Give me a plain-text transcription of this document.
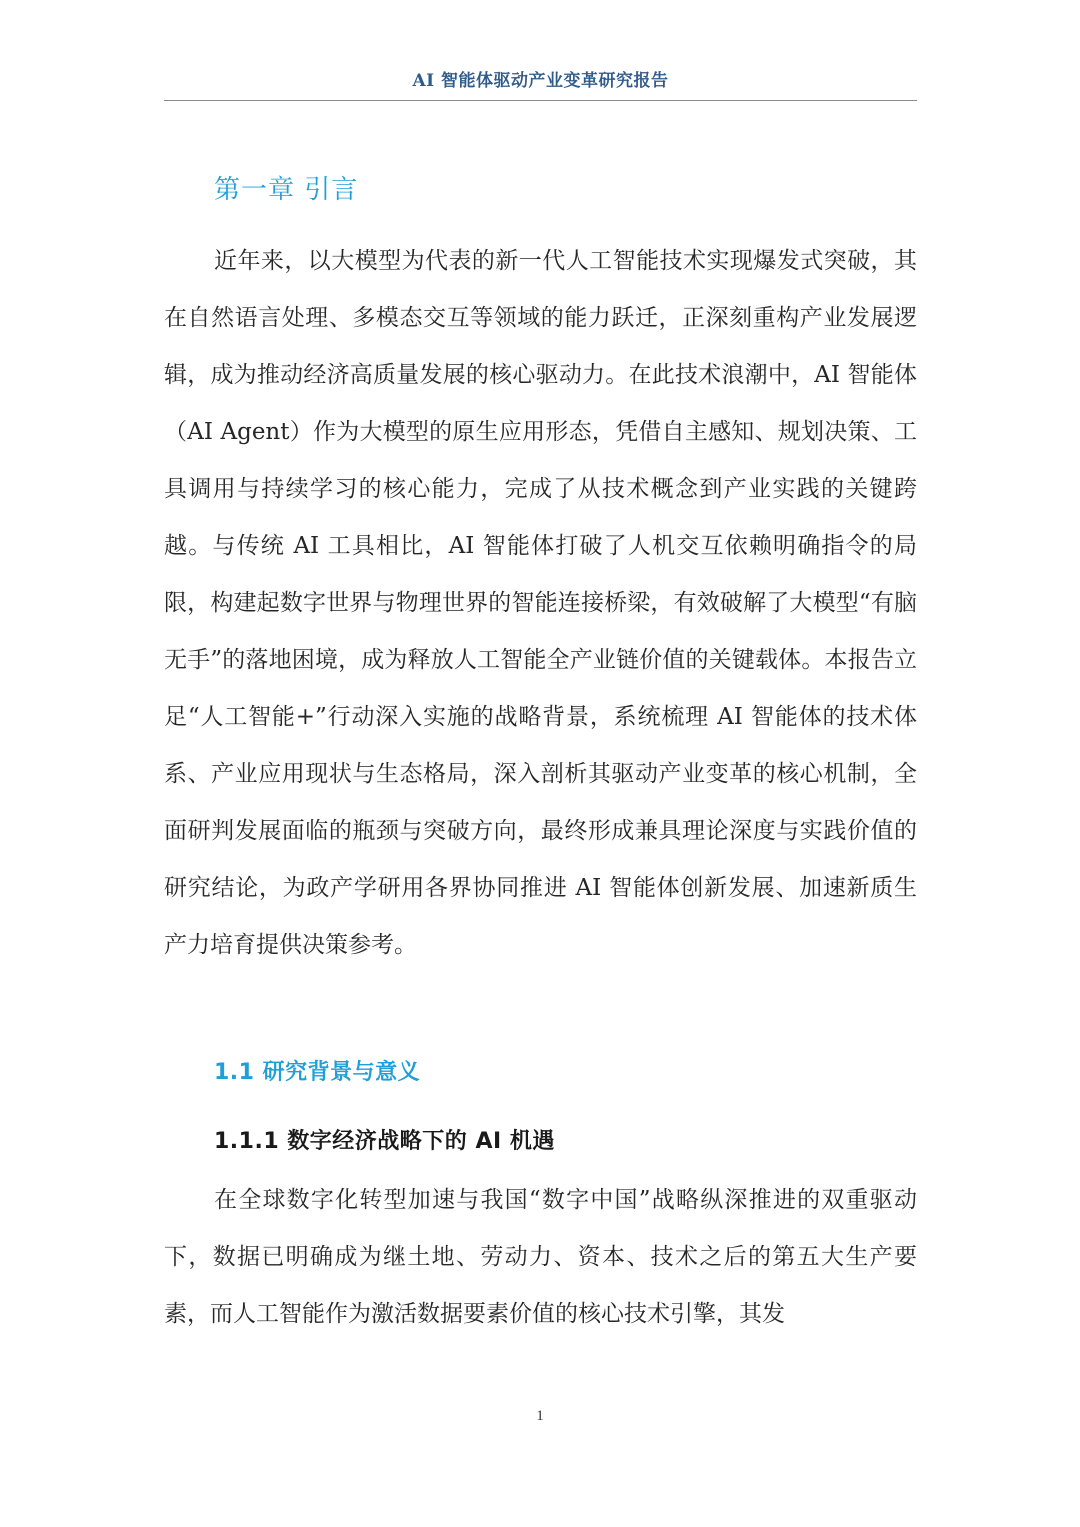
AI 智能体驱动产业变革研究报告
第一章 引言

近年来，以大模型为代表的新一代人工智能技术实现爆发式突破，其在自然语言处理、多模态交互等领域的能力跃迁，正深刻重构产业发展逻辑，成为推动经济高质量发展的核心驱动力。在此技术浪潮中，AI 智能体（AI Agent）作为大模型的原生应用形态，凭借自主感知、规划决策、工具调用与持续学习的核心能力，完成了从技术概念到产业实践的关键跨越。与传统 AI 工具相比，AI 智能体打破了人机交互依赖明确指令的局限，构建起数字世界与物理世界的智能连接桥梁，有效破解了大模型“有脑无手”的落地困境，成为释放人工智能全产业链价值的关键载体。本报告立足“人工智能+”行动深入实施的战略背景，系统梳理 AI 智能体的技术体系、产业应用现状与生态格局，深入剖析其驱动产业变革的核心机制，全面研判发展面临的瓶颈与突破方向，最终形成兼具理论深度与实践价值的研究结论，为政产学研用各界协同推进 AI 智能体创新发展、加速新质生产力培育提供决策参考。

1.1 研究背景与意义
1.1.1 数字经济战略下的 AI 机遇

在全球数字化转型加速与我国“数字中国”战略纵深推进的双重驱动下，数据已明确成为继土地、劳动力、资本、技术之后的第五大生产要素，而人工智能作为激活数据要素价值的核心技术引擎，其发

1
